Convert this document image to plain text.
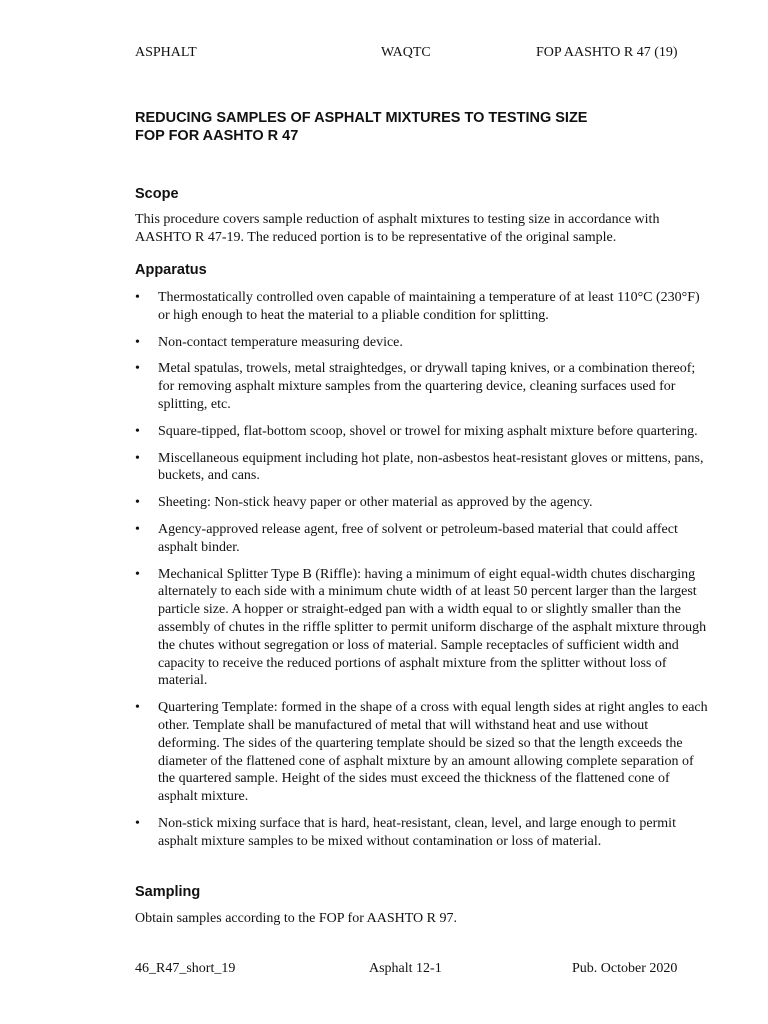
ASPHALT	WAQTC	FOP AASHTO R 47 (19)
REDUCING SAMPLES OF ASPHALT MIXTURES TO TESTING SIZE
FOP FOR AASHTO R 47
Scope

This procedure covers sample reduction of asphalt mixtures to testing size in accordance with AASHTO R 47-19. The reduced portion is to be representative of the original sample.

Apparatus
•	Thermostatically controlled oven capable of maintaining a temperature of at least 110°C (230°F) or high enough to heat the material to a pliable condition for splitting.
•	Non-contact temperature measuring device.
•	Metal spatulas, trowels, metal straightedges, or drywall taping knives, or a combination thereof; for removing asphalt mixture samples from the quartering device, cleaning surfaces used for splitting, etc.
•	Square-tipped, flat-bottom scoop, shovel or trowel for mixing asphalt mixture before quartering.
•	Miscellaneous equipment including hot plate, non-asbestos heat-resistant gloves or mittens, pans, buckets, and cans.
•	Sheeting: Non-stick heavy paper or other material as approved by the agency.
•	Agency-approved release agent, free of solvent or petroleum-based material that could affect asphalt binder.
•	Mechanical Splitter Type B (Riffle): having a minimum of eight equal-width chutes discharging alternately to each side with a minimum chute width of at least 50 percent larger than the largest particle size. A hopper or straight-edged pan with a width equal to or slightly smaller than the assembly of chutes in the riffle splitter to permit uniform discharge of the asphalt mixture through the chutes without segregation or loss of material. Sample receptacles of sufficient width and capacity to receive the reduced portions of asphalt mixture from the splitter without loss of material.
•	Quartering Template: formed in the shape of a cross with equal length sides at right angles to each other. Template shall be manufactured of metal that will withstand heat and use without deforming. The sides of the quartering template should be sized so that the length exceeds the diameter of the flattened cone of asphalt mixture by an amount allowing complete separation of the quartered sample. Height of the sides must exceed the thickness of the flattened cone of asphalt mixture.
•	Non-stick mixing surface that is hard, heat-resistant, clean, level, and large enough to permit asphalt mixture samples to be mixed without contamination or loss of material.
Sampling

Obtain samples according to the FOP for AASHTO R 97.

46_R47_short_19	Asphalt 12-1	Pub. October 2020
